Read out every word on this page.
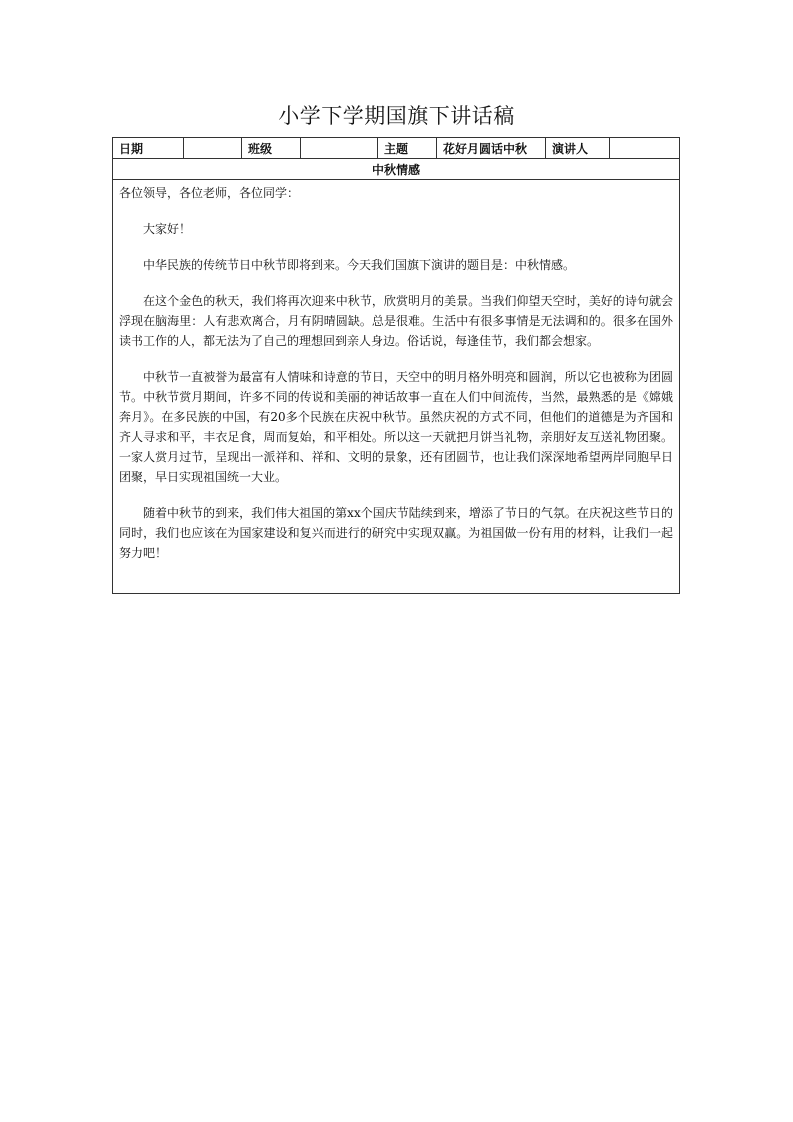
小学下学期国旗下讲话稿
日期		班级		主题	花好月圆话中秋	演讲人	
中秋情感

各位领导，各位老师，各位同学：

大家好！

中华民族的传统节日中秋节即将到来。今天我们国旗下演讲的题目是：中秋情感。

在这个金色的秋天，我们将再次迎来中秋节，欣赏明月的美景。当我们仰望天空时，美好的诗句就会浮现在脑海里：人有悲欢离合，月有阴晴圆缺。总是很难。生活中有很多事情是无法调和的。很多在国外读书工作的人，都无法为了自己的理想回到亲人身边。俗话说，每逢佳节，我们都会想家。

中秋节一直被誉为最富有人情味和诗意的节日，天空中的明月格外明亮和圆润，所以它也被称为团圆节。中秋节赏月期间，许多不同的传说和美丽的神话故事一直在人们中间流传，当然，最熟悉的是《嫦娥奔月》。在多民族的中国，有20多个民族在庆祝中秋节。虽然庆祝的方式不同，但他们的道德是为齐国和齐人寻求和平，丰衣足食，周而复始，和平相处。所以这一天就把月饼当礼物，亲朋好友互送礼物团聚。一家人赏月过节，呈现出一派祥和、祥和、文明的景象，还有团圆节，也让我们深深地希望两岸同胞早日团聚，早日实现祖国统一大业。

随着中秋节的到来，我们伟大祖国的第xx个国庆节陆续到来，增添了节日的气氛。在庆祝这些节日的同时，我们也应该在为国家建设和复兴而进行的研究中实现双赢。为祖国做一份有用的材料，让我们一起努力吧！
